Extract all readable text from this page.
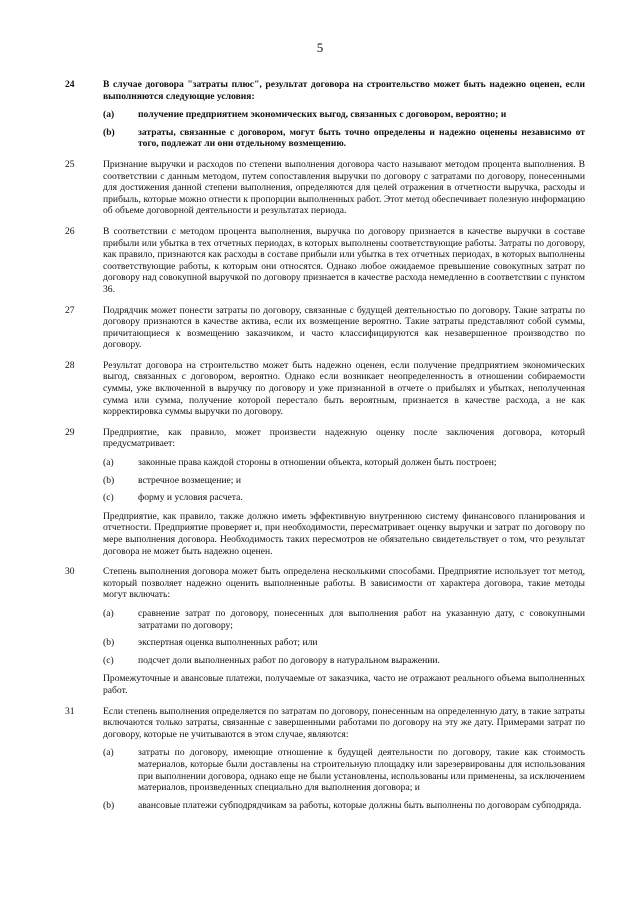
5
24	В случае договора "затраты плюс", результат договора на строительство может быть надежно оценен, если выполняются следующие условия:

(a)	получение предприятием экономических выгод, связанных с договором, вероятно; и
(b)	затраты, связанные с договором, могут быть точно определены и надежно оценены независимо от того, подлежат ли они отдельному возмещению.
25	Признание выручки и расходов по степени выполнения договора часто называют методом процента выполнения. В соответствии с данным методом, путем сопоставления выручки по договору с затратами по договору, понесенными для достижения данной степени выполнения, определяются для целей отражения в отчетности выручка, расходы и прибыль, которые можно отнести к пропорции выполненных работ. Этот метод обеспечивает полезную информацию об объеме договорной деятельности и результатах периода.

26	В соответствии с методом процента выполнения, выручка по договору признается в качестве выручки в составе прибыли или убытка в тех отчетных периодах, в которых выполнены соответствующие работы. Затраты по договору, как правило, признаются как расходы в составе прибыли или убытка в тех отчетных периодах, в которых выполнены соответствующие работы, к которым они относятся. Однако любое ожидаемое превышение совокупных затрат по договору над совокупной выручкой по договору признается в качестве расхода немедленно в соответствии с пунктом 36.

27	Подрядчик может понести затраты по договору, связанные с будущей деятельностью по договору. Такие затраты по договору признаются в качестве актива, если их возмещение вероятно. Такие затраты представляют собой суммы, причитающиеся к возмещению заказчиком, и часто классифицируются как незавершенное производство по договору.

28	Результат договора на строительство может быть надежно оценен, если получение предприятием экономических выгод, связанных с договором, вероятно. Однако если возникает неопределенность в отношении собираемости суммы, уже включенной в выручку по договору и уже признанной в отчете о прибылях и убытках, неполученная сумма или сумма, получение которой перестало быть вероятным, признается в качестве расхода, а не как корректировка суммы выручки по договору.

29	Предприятие, как правило, может произвести надежную оценку после заключения договора, который предусматривает:

(a)	законные права каждой стороны в отношении объекта, который должен быть построен;
(b)	встречное возмещение; и
(c)	форму и условия расчета.

Предприятие, как правило, также должно иметь эффективную внутреннюю систему финансового планирования и отчетности. Предприятие проверяет и, при необходимости, пересматривает оценку выручки и затрат по договору по мере выполнения договора. Необходимость таких пересмотров не обязательно свидетельствует о том, что результат договора не может быть надежно оценен.

30	Степень выполнения договора может быть определена несколькими способами. Предприятие использует тот метод, который позволяет надежно оценить выполненные работы. В зависимости от характера договора, такие методы могут включать:

(a)	сравнение затрат по договору, понесенных для выполнения работ на указанную дату, с совокупными затратами по договору;
(b)	экспертная оценка выполненных работ; или
(c)	подсчет доли выполненных работ по договору в натуральном выражении.

Промежуточные и авансовые платежи, получаемые от заказчика, часто не отражают реального объема выполненных работ.

31	Если степень выполнения определяется по затратам по договору, понесенным на определенную дату, в такие затраты включаются только затраты, связанные с завершенными работами по договору на эту же дату. Примерами затрат по договору, которые не учитываются в этом случае, являются:

(a)	затраты по договору, имеющие отношение к будущей деятельности по договору, такие как стоимость материалов, которые были доставлены на строительную площадку или зарезервированы для использования при выполнении договора, однако еще не были установлены, использованы или применены, за исключением материалов, произведенных специально для выполнения договора; и
(b)	авансовые платежи субподрядчикам за работы, которые должны быть выполнены по договорам субподряда.
